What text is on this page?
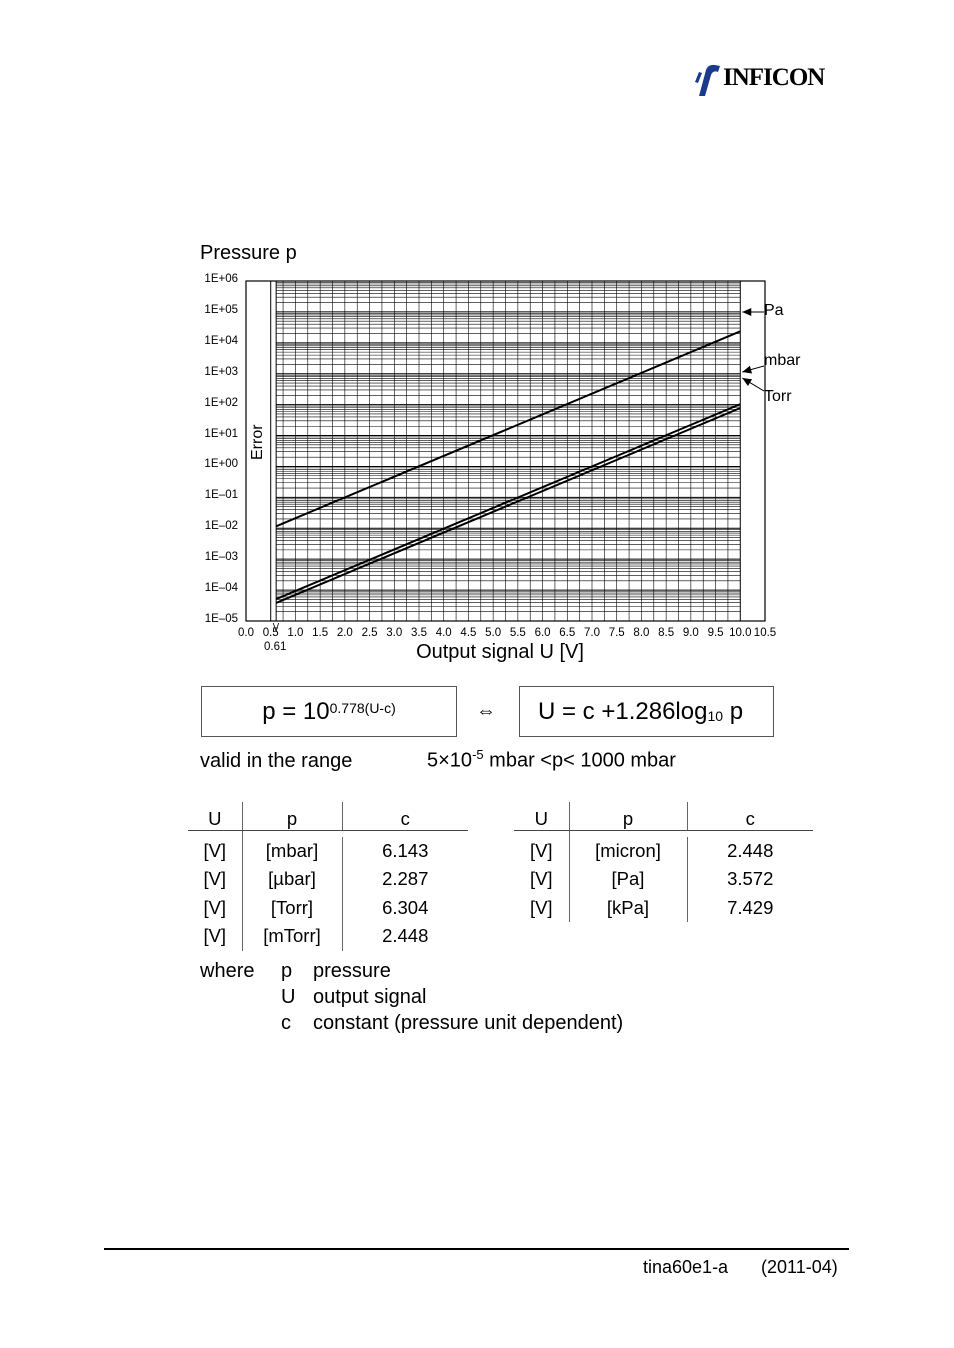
INFICON
Pressure p
1E+06
1E+05
1E+04
1E+03
1E+02
1E+01
1E+00
1E–01
1E–02
1E–03
1E–04
1E–05
0.0 0.5 1.0 1.5 2.0 2.5 3.0 3.5 4.0 4.5 5.0 5.5 6.0 6.5 7.0 7.5 8.0 8.5 9.0 9.5 10.0 10.5
0.61	Output signal U [V]
Error
Pa
mbar
Torr
$p = 10^{0.778(U-c)}$	⇔ $U = c +1.286\log_{10}$ p
valid in the range	$5\times 10^{-5}$ mbar <p< 1000 mbar
U	p	c

[V]	[mbar]	6.143
[V]	[µbar]	2.287
[V]	[Torr]	6.304
[V]	[mTorr]	2.448
U	p	c

[V]	[micron]	2.448
[V]	[Pa]	3.572
[V]	[kPa]	7.429
where p pressure
U output signal
c constant (pressure unit dependent)
tina60e1-a (2011-04)
